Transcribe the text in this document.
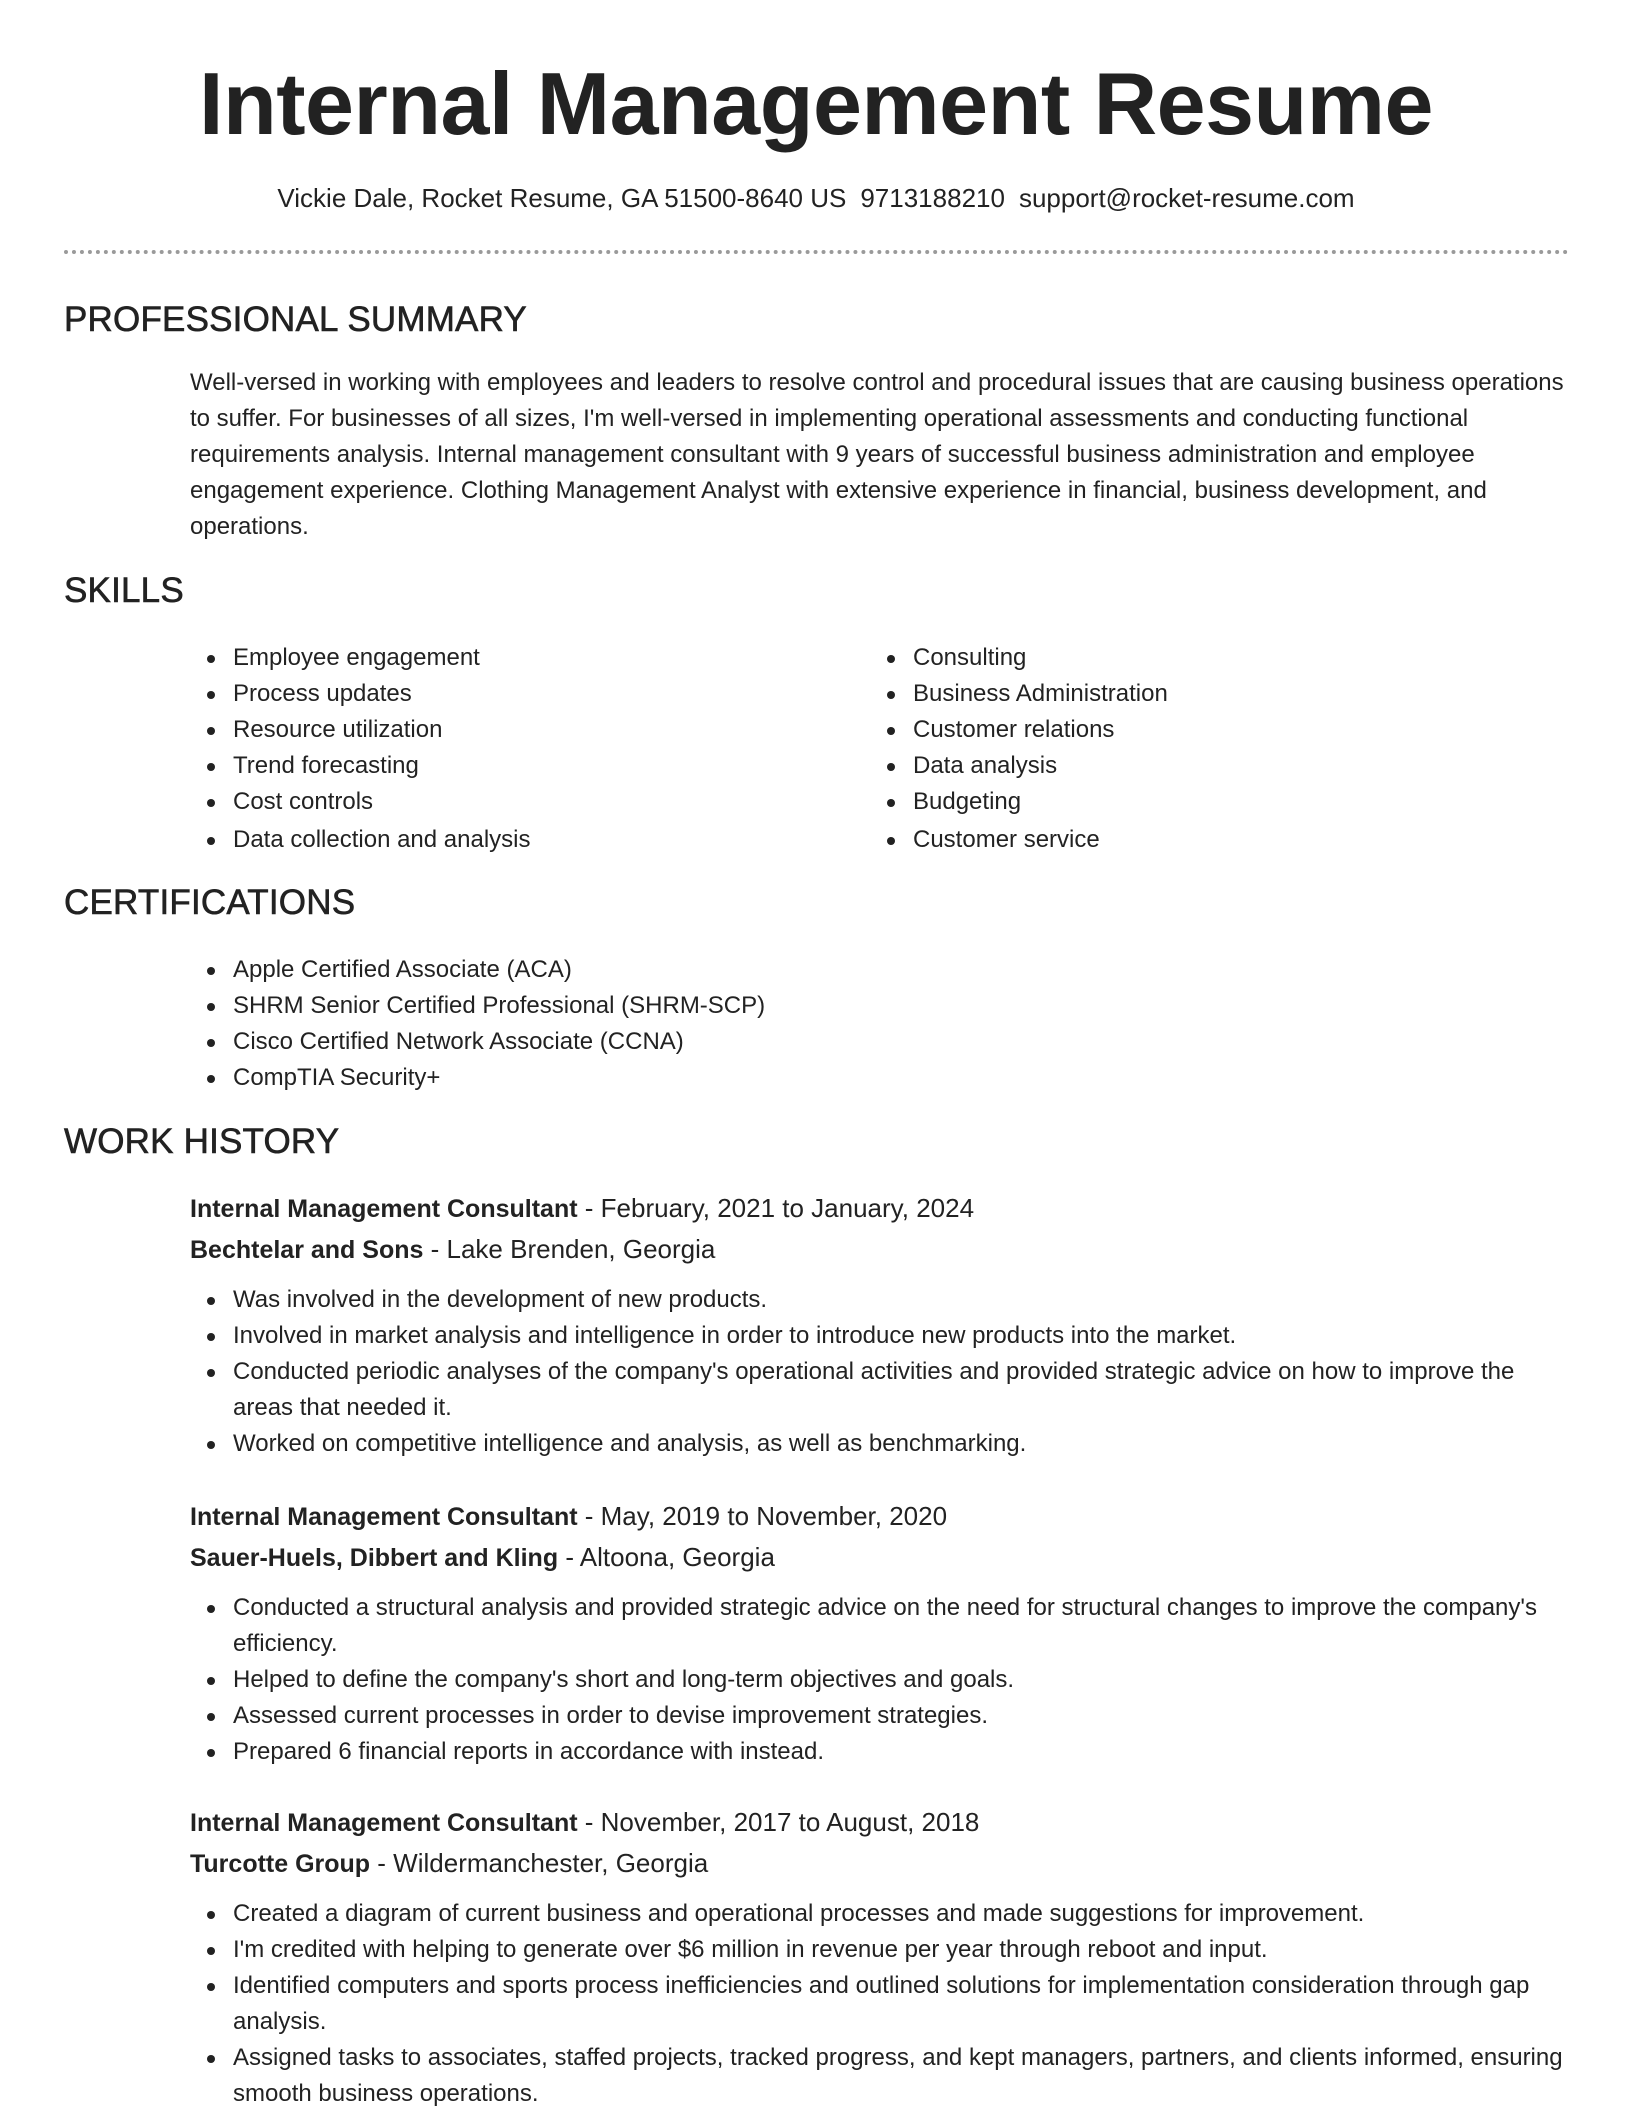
Internal Management Resume
Vickie Dale, Rocket Resume, GA 51500-8640 US 9713188210 support@rocket-resume.com
PROFESSIONAL SUMMARY

Well-versed in working with employees and leaders to resolve control and procedural issues that are causing business operations to suffer. For businesses of all sizes, I'm well-versed in implementing operational assessments and conducting functional requirements analysis. Internal management consultant with 9 years of successful business administration and employee engagement experience. Clothing Management Analyst with extensive experience in financial, business development, and operations.

SKILLS
Employee engagement
Process updates
Resource utilization
Trend forecasting
Cost controls
Data collection and analysis
Consulting
Business Administration
Customer relations
Data analysis
Budgeting
Customer service
CERTIFICATIONS
Apple Certified Associate (ACA)
SHRM Senior Certified Professional (SHRM-SCP)
Cisco Certified Network Associate (CCNA)
CompTIA Security+
WORK HISTORY
Internal Management Consultant - February, 2021 to January, 2024
Bechtelar and Sons - Lake Brenden, Georgia
Was involved in the development of new products.
Involved in market analysis and intelligence in order to introduce new products into the market.
Conducted periodic analyses of the company's operational activities and provided strategic advice on how to improve the areas that needed it.
Worked on competitive intelligence and analysis, as well as benchmarking.
Internal Management Consultant - May, 2019 to November, 2020
Sauer-Huels, Dibbert and Kling - Altoona, Georgia
Conducted a structural analysis and provided strategic advice on the need for structural changes to improve the company's efficiency.
Helped to define the company's short and long-term objectives and goals.
Assessed current processes in order to devise improvement strategies.
Prepared 6 financial reports in accordance with instead.
Internal Management Consultant - November, 2017 to August, 2018
Turcotte Group - Wildermanchester, Georgia
Created a diagram of current business and operational processes and made suggestions for improvement.
I'm credited with helping to generate over $6 million in revenue per year through reboot and input.
Identified computers and sports process inefficiencies and outlined solutions for implementation consideration through gap analysis.
Assigned tasks to associates, staffed projects, tracked progress, and kept managers, partners, and clients informed, ensuring smooth business operations.
